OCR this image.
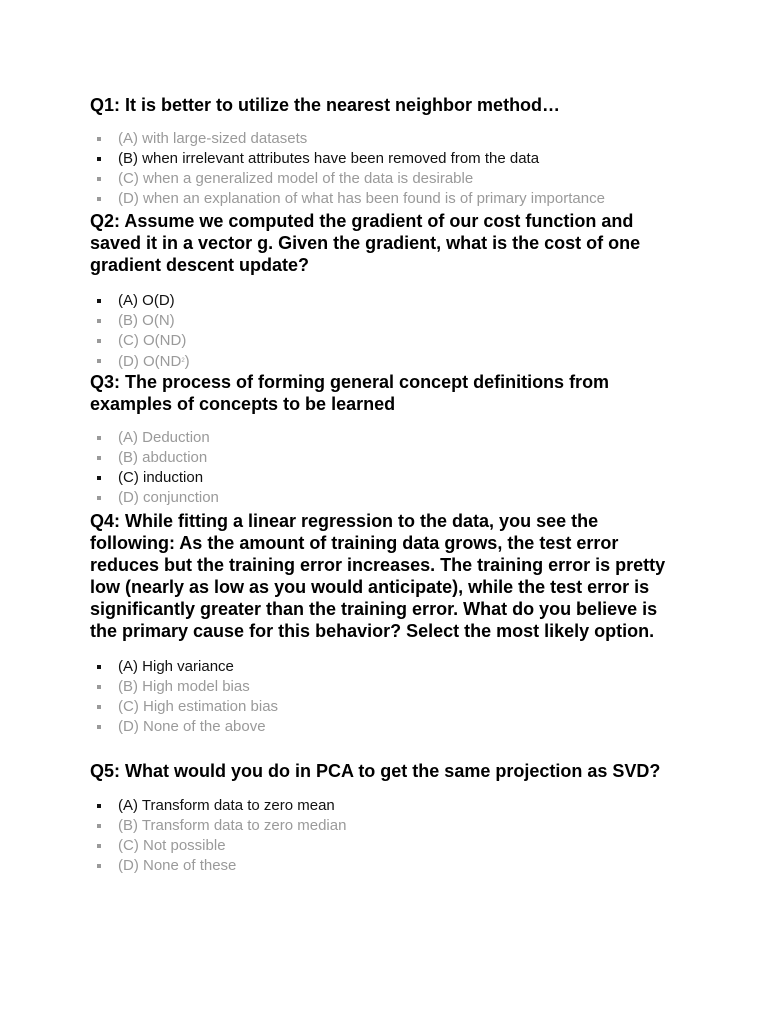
Q1: It is better to utilize the nearest neighbor method…

(A) with large-sized datasets
(B) when irrelevant attributes have been removed from the data
(C) when a generalized model of the data is desirable
(D) when an explanation of what has been found is of primary importance

Q2: Assume we computed the gradient of our cost function and saved it in a vector g. Given the gradient, what is the cost of one gradient descent update?

(A) O(D)
(B) O(N)
(C) O(ND)
(D) $O(ND^2)$

Q3: The process of forming general concept definitions from examples of concepts to be learned

(A) Deduction
(B) abduction
(C) induction
(D) conjunction

Q4: While fitting a linear regression to the data, you see the following: As the amount of training data grows, the test error reduces but the training error increases. The training error is pretty low (nearly as low as you would anticipate), while the test error is significantly greater than the training error. What do you believe is the primary cause for this behavior? Select the most likely option.

(A) High variance
(B) High model bias
(C) High estimation bias
(D) None of the above

Q5: What would you do in PCA to get the same projection as SVD?

(A) Transform data to zero mean
(B) Transform data to zero median
(C) Not possible
(D) None of these
